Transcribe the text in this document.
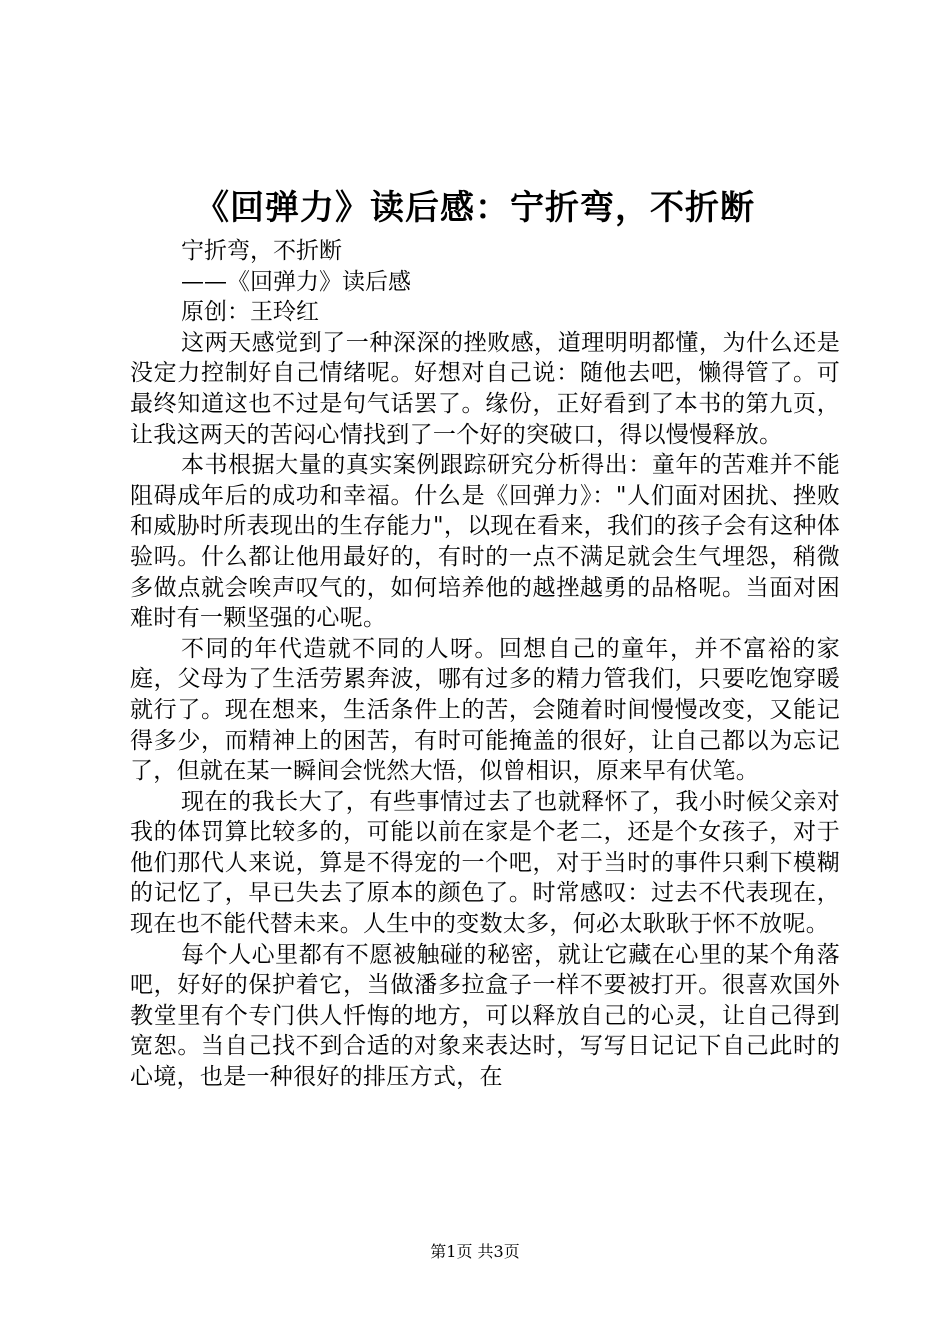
《回弹力》读后感：宁折弯，不折断

宁折弯，不折断

——《回弹力》读后感

原创：王玲红

这两天感觉到了一种深深的挫败感，道理明明都懂，为什么还是没定力控制好自己情绪呢。好想对自己说：随他去吧，懒得管了。可最终知道这也不过是句气话罢了。缘份，正好看到了本书的第九页，让我这两天的苦闷心情找到了一个好的突破口，得以慢慢释放。

本书根据大量的真实案例跟踪研究分析得出：童年的苦难并不能阻碍成年后的成功和幸福。什么是《回弹力》："人们面对困扰、挫败和威胁时所表现出的生存能力"，以现在看来，我们的孩子会有这种体验吗。什么都让他用最好的，有时的一点不满足就会生气埋怨，稍微多做点就会唉声叹气的，如何培养他的越挫越勇的品格呢。当面对困难时有一颗坚强的心呢。

不同的年代造就不同的人呀。回想自己的童年，并不富裕的家庭，父母为了生活劳累奔波，哪有过多的精力管我们，只要吃饱穿暖就行了。现在想来，生活条件上的苦，会随着时间慢慢改变，又能记得多少，而精神上的困苦，有时可能掩盖的很好，让自己都以为忘记了，但就在某一瞬间会恍然大悟，似曾相识，原来早有伏笔。

现在的我长大了，有些事情过去了也就释怀了，我小时候父亲对我的体罚算比较多的，可能以前在家是个老二，还是个女孩子，对于他们那代人来说，算是不得宠的一个吧，对于当时的事件只剩下模糊的记忆了，早已失去了原本的颜色了。时常感叹：过去不代表现在，现在也不能代替未来。人生中的变数太多，何必太耿耿于怀不放呢。

每个人心里都有不愿被触碰的秘密，就让它藏在心里的某个角落吧，好好的保护着它，当做潘多拉盒子一样不要被打开。很喜欢国外教堂里有个专门供人忏悔的地方，可以释放自己的心灵，让自己得到宽恕。当自己找不到合适的对象来表达时，写写日记记下自己此时的心境，也是一种很好的排压方式，在

第1页 共3页
